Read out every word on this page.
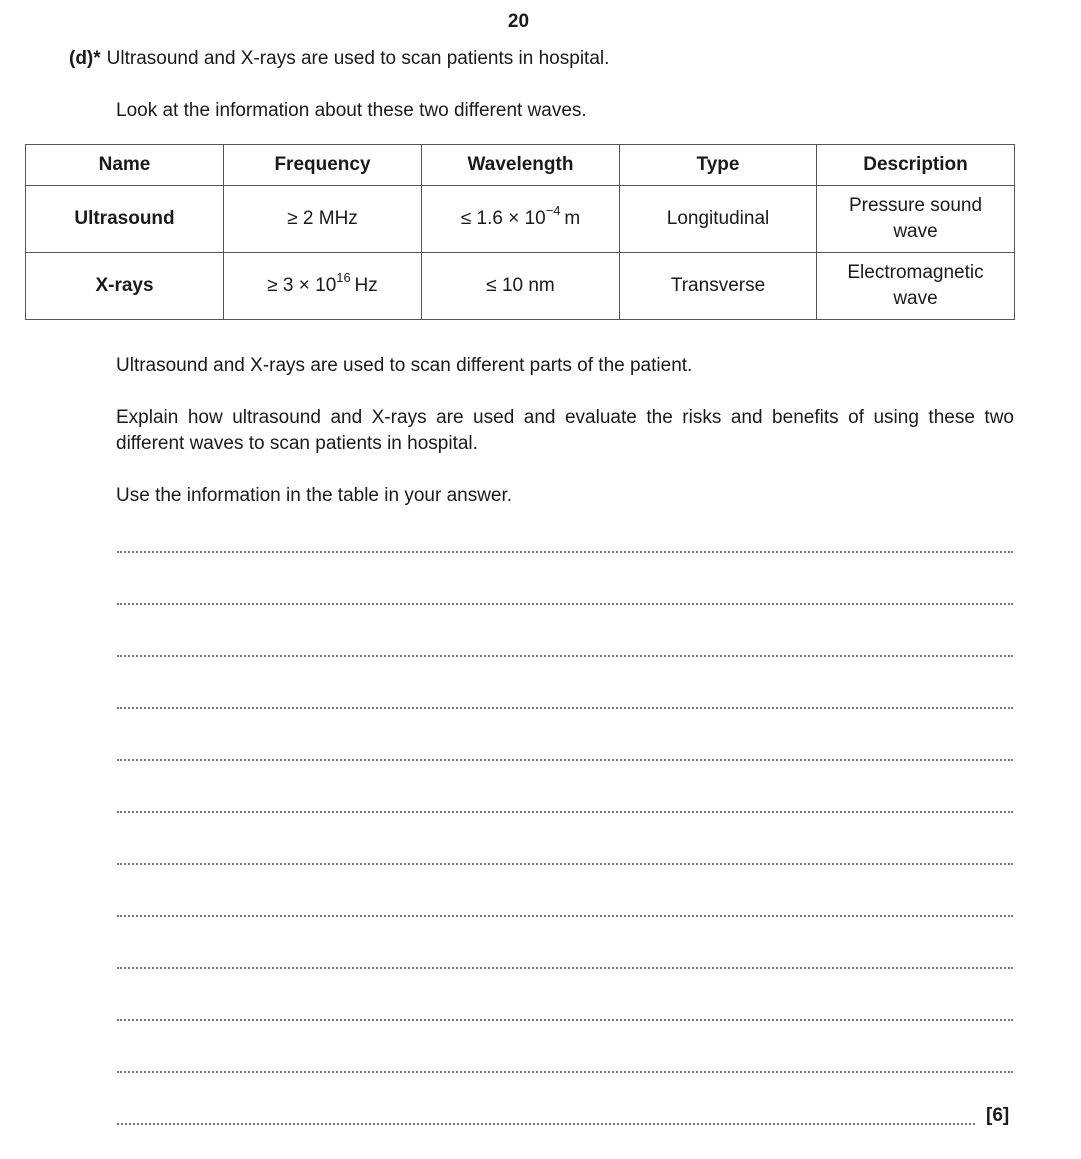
20
(d)* Ultrasound and X-rays are used to scan patients in hospital.
Look at the information about these two different waves.
Name	Frequency	Wavelength	Type	Description
Ultrasound	≥ 2 MHz	≤ $1.6 \times 10^{-4}$  m	Longitudinal	Pressure sound
wave
X-rays	≥ $3 \times 10^{16}$  Hz	≤ 10 nm	Transverse	Electromagnetic
wave
Ultrasound and X-rays are used to scan different parts of the patient.
Explain how ultrasound and X-rays are used and evaluate the risks and benefits of using these two different waves to scan patients in hospital.
Use the information in the table in your answer.
[6]
